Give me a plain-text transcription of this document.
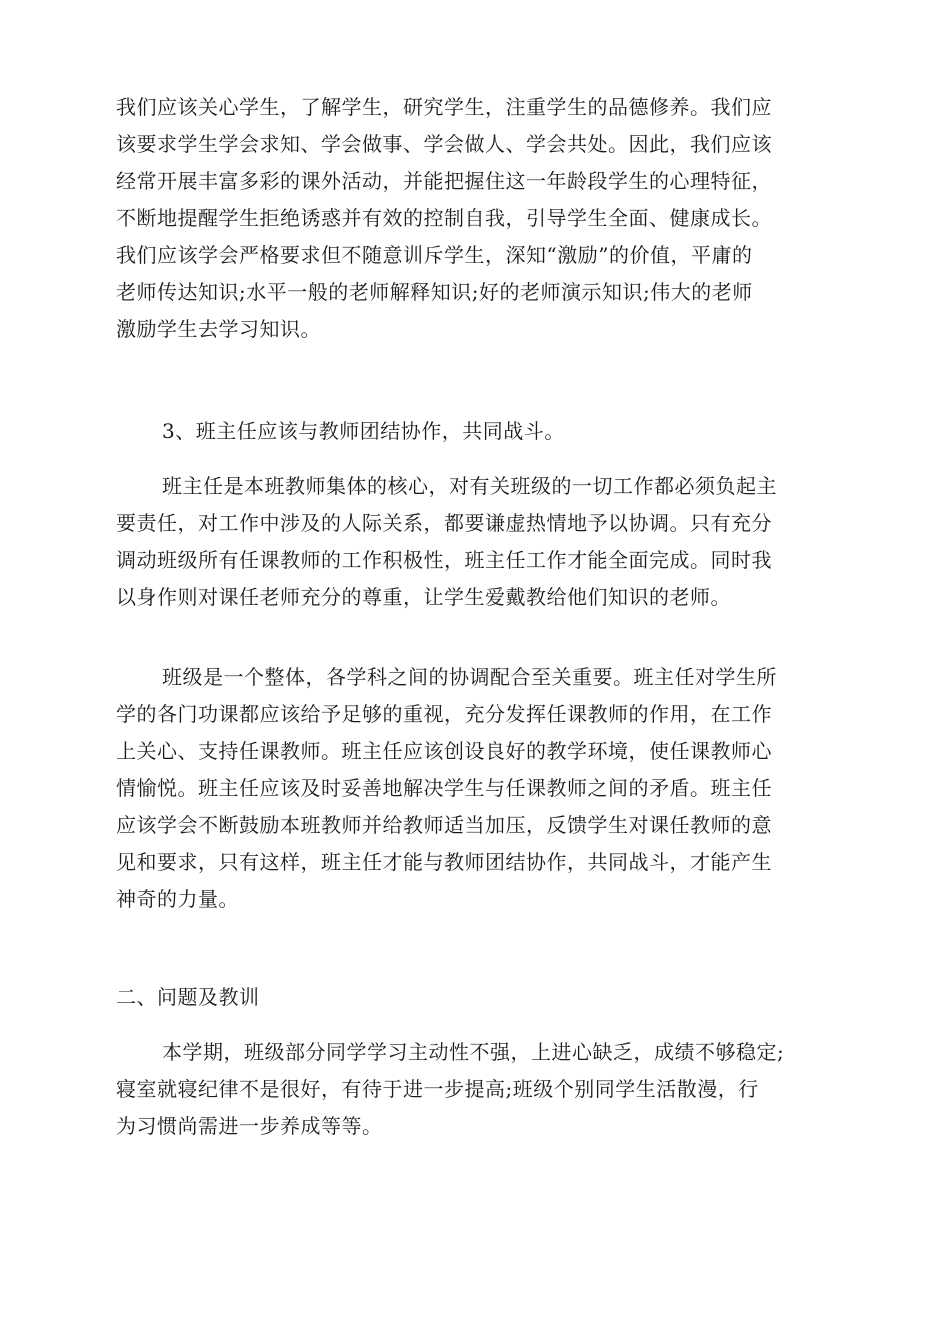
我们应该关心学生，了解学生，研究学生，注重学生的品德修养。我们应
该要求学生学会求知、学会做事、学会做人、学会共处。因此，我们应该
经常开展丰富多彩的课外活动，并能把握住这一年龄段学生的心理特征，
不断地提醒学生拒绝诱惑并有效的控制自我，引导学生全面、健康成长。
我们应该学会严格要求但不随意训斥学生，深知“激励”的价值，平庸的
老师传达知识;水平一般的老师解释知识;好的老师演示知识;伟大的老师
激励学生去学习知识。

3、班主任应该与教师团结协作，共同战斗。

班主任是本班教师集体的核心，对有关班级的一切工作都必须负起主
要责任，对工作中涉及的人际关系，都要谦虚热情地予以协调。只有充分
调动班级所有任课教师的工作积极性，班主任工作才能全面完成。同时我
以身作则对课任老师充分的尊重，让学生爱戴教给他们知识的老师。

班级是一个整体，各学科之间的协调配合至关重要。班主任对学生所
学的各门功课都应该给予足够的重视，充分发挥任课教师的作用，在工作
上关心、支持任课教师。班主任应该创设良好的教学环境，使任课教师心
情愉悦。班主任应该及时妥善地解决学生与任课教师之间的矛盾。班主任
应该学会不断鼓励本班教师并给教师适当加压，反馈学生对课任教师的意
见和要求，只有这样，班主任才能与教师团结协作，共同战斗，才能产生
神奇的力量。

二、问题及教训

本学期，班级部分同学学习主动性不强，上进心缺乏，成绩不够稳定;
寝室就寝纪律不是很好，有待于进一步提高;班级个别同学生活散漫，行
为习惯尚需进一步养成等等。
